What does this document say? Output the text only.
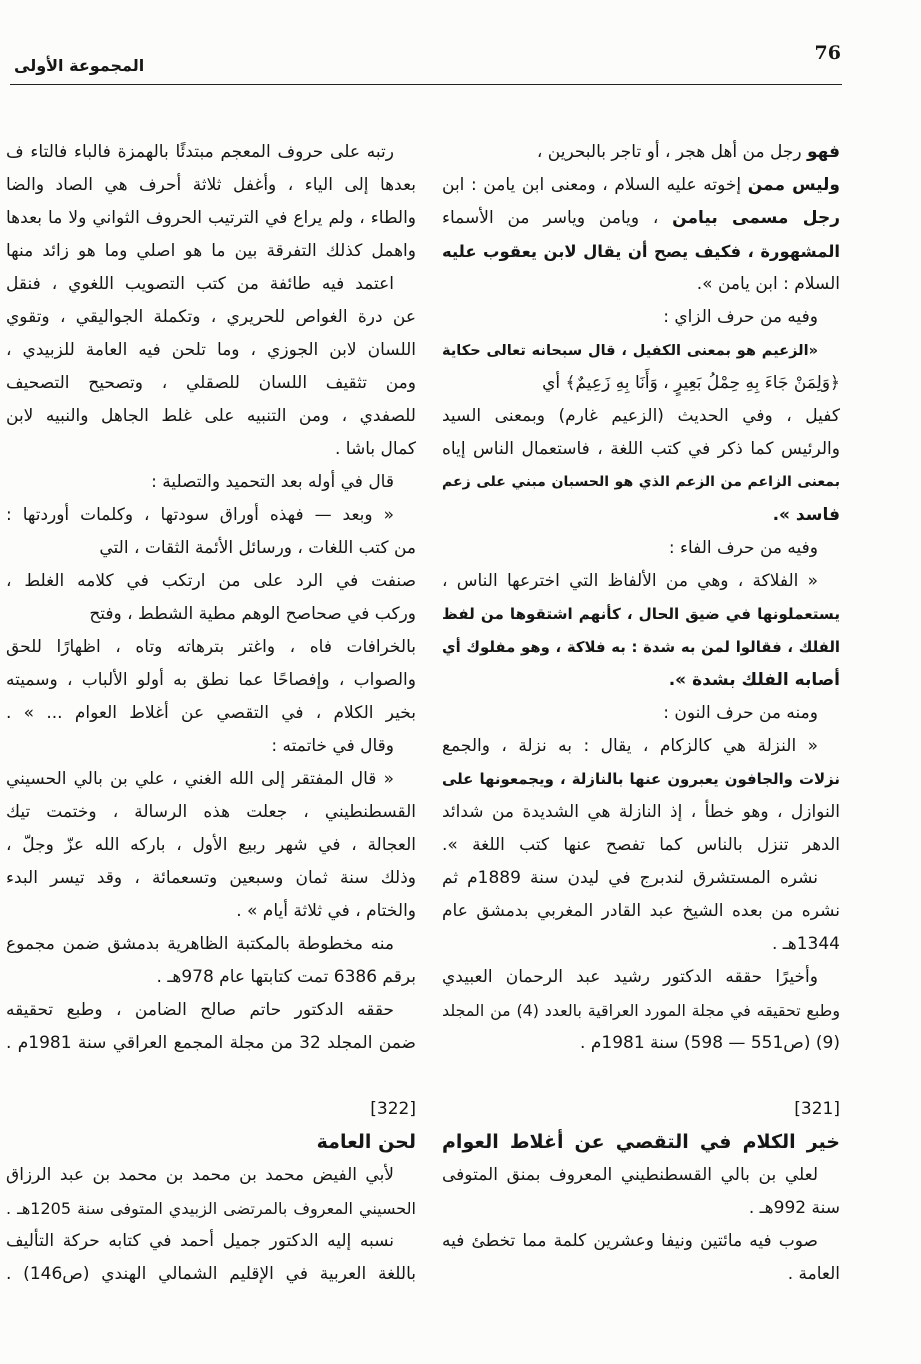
76
المجموعة الأولى
فهو رجل من أهل هجر ، أو تاجر بالبحرين ،
وليس ممن إخوته عليه السلام ، ومعنى ابن يامن : ابن
رجل مسمى بيامن ، ويامن وياسر من الأسماء
المشهورة ، فكيف يصح أن يقال لابن يعقوب عليه
السلام : ابن يامن ».
وفيه من حرف الزاي :
«الزعيم هو بمعنى الكفيل ، قال سبحانه تعالى حكاية
﴿وَلِمَنْ جَاءَ بِهِ حِمْلُ بَعِيرٍ ، وَأَنَا بِهِ زَعِيمٌ﴾ أي
كفيل ، وفي الحديث (الزعيم غارم) وبمعنى السيد
والرئيس كما ذكر في كتب اللغة ، فاستعمال الناس إياه
بمعنى الزاعم من الزعم الذي هو الحسبان مبني على زعم
فاسد ».
وفيه من حرف الفاء :
« الفلاكة ، وهي من الألفاظ التي اخترعها الناس ،
يستعملونها في ضيق الحال ، كأنهم اشتقوها من لفظ
الفلك ، فقالوا لمن به شدة : به فلاكة ، وهو مفلوك أي
أصابه الفلك بشدة ».
ومنه من حرف النون :
« النزلة هي كالزكام ، يقال : به نزلة ، والجمع
نزلات والجافون يعبرون عنها بالنازلة ، ويجمعونها على
النوازل ، وهو خطأ ، إذ النازلة هي الشديدة من شدائد
الدهر تنزل بالناس كما تفصح عنها كتب اللغة ».
نشره المستشرق لندبرج في ليدن سنة 1889م ثم
نشره من بعده الشيخ عبد القادر المغربي بدمشق عام
1344هـ .
وأخيرًا حققه الدكتور رشيد عبد الرحمان العبيدي
وطبع تحقيقه في مجلة المورد العراقية بالعدد (4) من المجلد
(9) (ص551 — 598) سنة 1981م .
[321]
خير الكلام في التقصي عن أغلاط العوام
لعلي بن بالي القسطنطيني المعروف بمنق المتوفى
سنة 992هـ .
صوب فيه مائتين ونيفا وعشرين كلمة مما تخطئ فيه
العامة .
رتبه على حروف المعجم مبتدئًا بالهمزة فالباء فالتاء ف
بعدها إلى الياء ، وأغفل ثلاثة أحرف هي الصاد والضا
والطاء ، ولم يراع في الترتيب الحروف الثواني ولا ما بعدها
واهمل كذلك التفرقة بين ما هو اصلي وما هو زائد منها
اعتمد فيه طائفة من كتب التصويب اللغوي ، فنقل
عن درة الغواص للحريري ، وتكملة الجواليقي ، وتقوي
اللسان لابن الجوزي ، وما تلحن فيه العامة للزبيدي ،
ومن تثقيف اللسان للصقلي ، وتصحيح التصحيف
للصفدي ، ومن التنبيه على غلط الجاهل والنبيه لابن
كمال باشا .
قال في أوله بعد التحميد والتصلية :
« وبعد — فهذه أوراق سودتها ، وكلمات أوردتها :
من كتب اللغات ، ورسائل الأئمة الثقات ، التي
صنفت في الرد على من ارتكب في كلامه الغلط ،
وركب في صحاصح الوهم مطية الشطط ، وفتح
بالخرافات فاه ، واغتر بترهاته وتاه ، اظهارًا للحق
والصواب ، وإفصاحًا عما نطق به أولو الألباب ، وسميته
بخير الكلام ، في التقصي عن أغلاط العوام ... » .
وقال في خاتمته :
« قال المفتقر إلى الله الغني ، علي بن بالي الحسيني
القسطنطيني ، جعلت هذه الرسالة ، وختمت تيك
العجالة ، في شهر ربيع الأول ، باركه الله عزّ وجلّ ،
وذلك سنة ثمان وسبعين وتسعمائة ، وقد تيسر البدء
والختام ، في ثلاثة أيام » .
منه مخطوطة بالمكتبة الظاهرية بدمشق ضمن مجموع
برقم 6386 تمت كتابتها عام 978هـ .
حققه الدكتور حاتم صالح الضامن ، وطبع تحقيقه
ضمن المجلد 32 من مجلة المجمع العراقي سنة 1981م .
[322]
لحن العامة
لأبي الفيض محمد بن محمد بن محمد بن عبد الرزاق
الحسيني المعروف بالمرتضى الزبيدي المتوفى سنة 1205هـ .
نسبه إليه الدكتور جميل أحمد في كتابه حركة التأليف
باللغة العربية في الإقليم الشمالي الهندي (ص146) .
